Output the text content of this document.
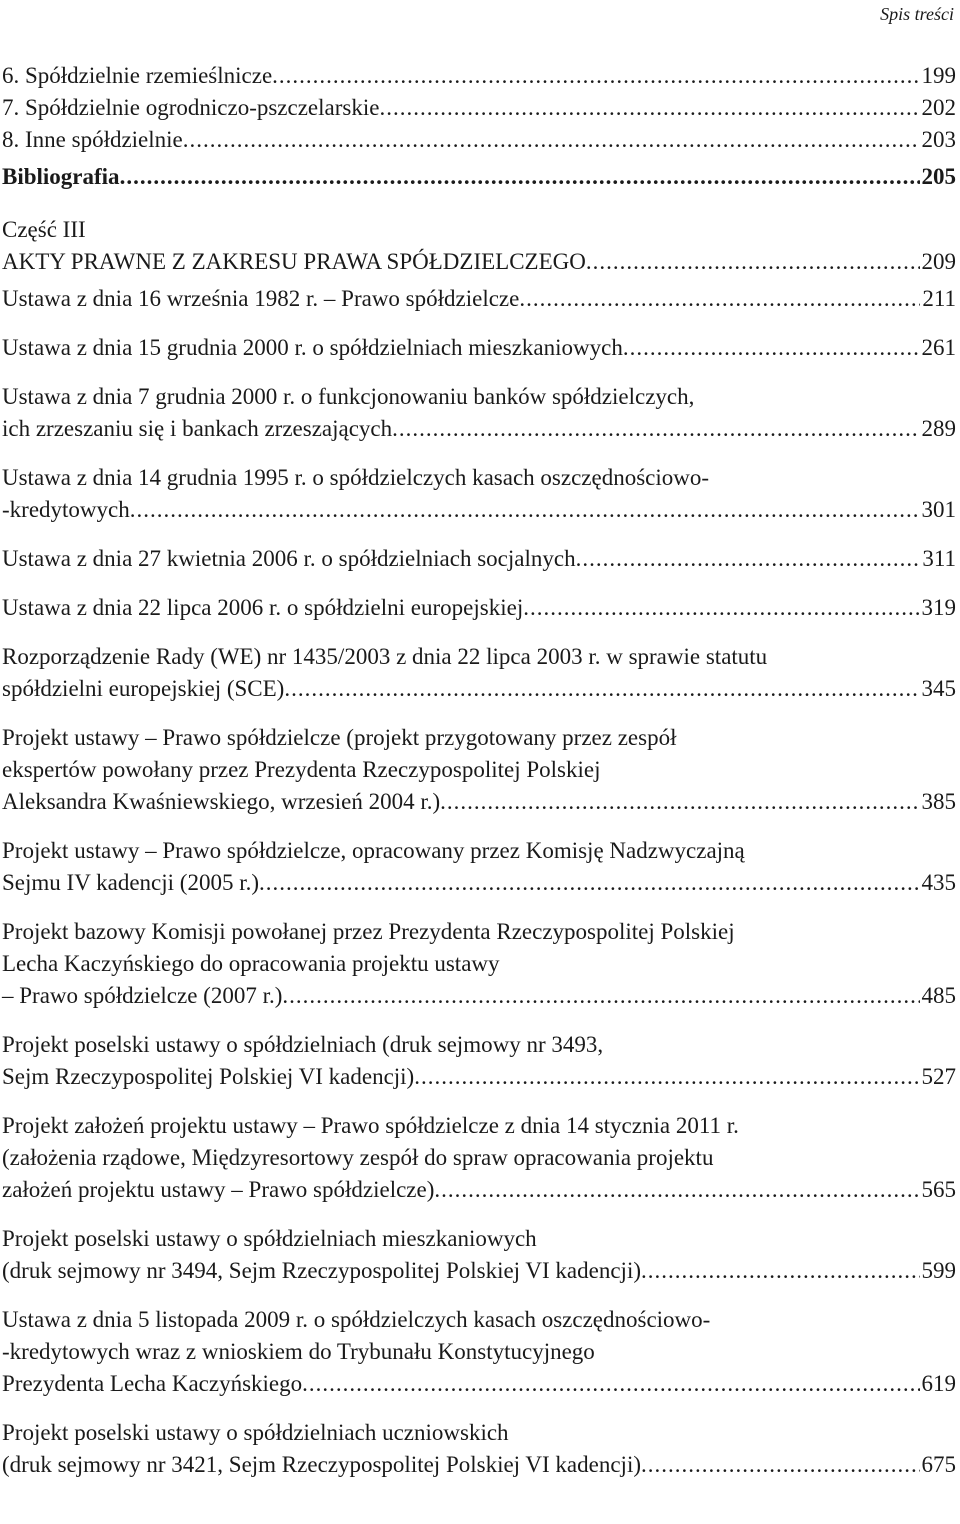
Spis treści
6. Spółdzielnie rzemieślnicze .....	199
7. Spółdzielnie ogrodniczo-pszczelarskie .....	202
8. Inne spółdzielnie .....	203
Bibliografia .....	205
Część III
AKTY PRAWNE Z ZAKRESU PRAWA SPÓŁDZIELCZEGO .....	209
Ustawa z dnia 16 września 1982 r. – Prawo spółdzielcze .....	211
Ustawa z dnia 15 grudnia 2000 r. o spółdzielniach mieszkaniowych .....	261
Ustawa z dnia 7 grudnia 2000 r. o funkcjonowaniu banków spółdzielczych,
ich zrzeszaniu się i bankach zrzeszających .....	289
Ustawa z dnia 14 grudnia 1995 r. o spółdzielczych kasach oszczędnościowo-
-kredytowych .....	301
Ustawa z dnia 27 kwietnia 2006 r. o spółdzielniach socjalnych .....	311
Ustawa z dnia 22 lipca 2006 r. o spółdzielni europejskiej .....	319
Rozporządzenie Rady (WE) nr 1435/2003 z dnia 22 lipca 2003 r. w sprawie statutu
spółdzielni europejskiej (SCE) .....	345
Projekt ustawy – Prawo spółdzielcze (projekt przygotowany przez zespół
ekspertów powołany przez Prezydenta Rzeczypospolitej Polskiej
Aleksandra Kwaśniewskiego, wrzesień 2004 r.) .....	385
Projekt ustawy – Prawo spółdzielcze, opracowany przez Komisję Nadzwyczajną
Sejmu IV kadencji (2005 r.) .....	435
Projekt bazowy Komisji powołanej przez Prezydenta Rzeczypospolitej Polskiej
Lecha Kaczyńskiego do opracowania projektu ustawy
– Prawo spółdzielcze (2007 r.) .....	485
Projekt poselski ustawy o spółdzielniach (druk sejmowy nr 3493,
Sejm Rzeczypospolitej Polskiej VI kadencji) .....	527
Projekt założeń projektu ustawy – Prawo spółdzielcze z dnia 14 stycznia 2011 r.
(założenia rządowe, Międzyresortowy zespół do spraw opracowania projektu
założeń projektu ustawy – Prawo spółdzielcze) .....	565
Projekt poselski ustawy o spółdzielniach mieszkaniowych
(druk sejmowy nr 3494, Sejm Rzeczypospolitej Polskiej VI kadencji) .....	599
Ustawa z dnia 5 listopada 2009 r. o spółdzielczych kasach oszczędnościowo-
-kredytowych wraz z wnioskiem do Trybunału Konstytucyjnego
Prezydenta Lecha Kaczyńskiego .....	619
Projekt poselski ustawy o spółdzielniach uczniowskich
(druk sejmowy nr 3421, Sejm Rzeczypospolitej Polskiej VI kadencji) .....	675
